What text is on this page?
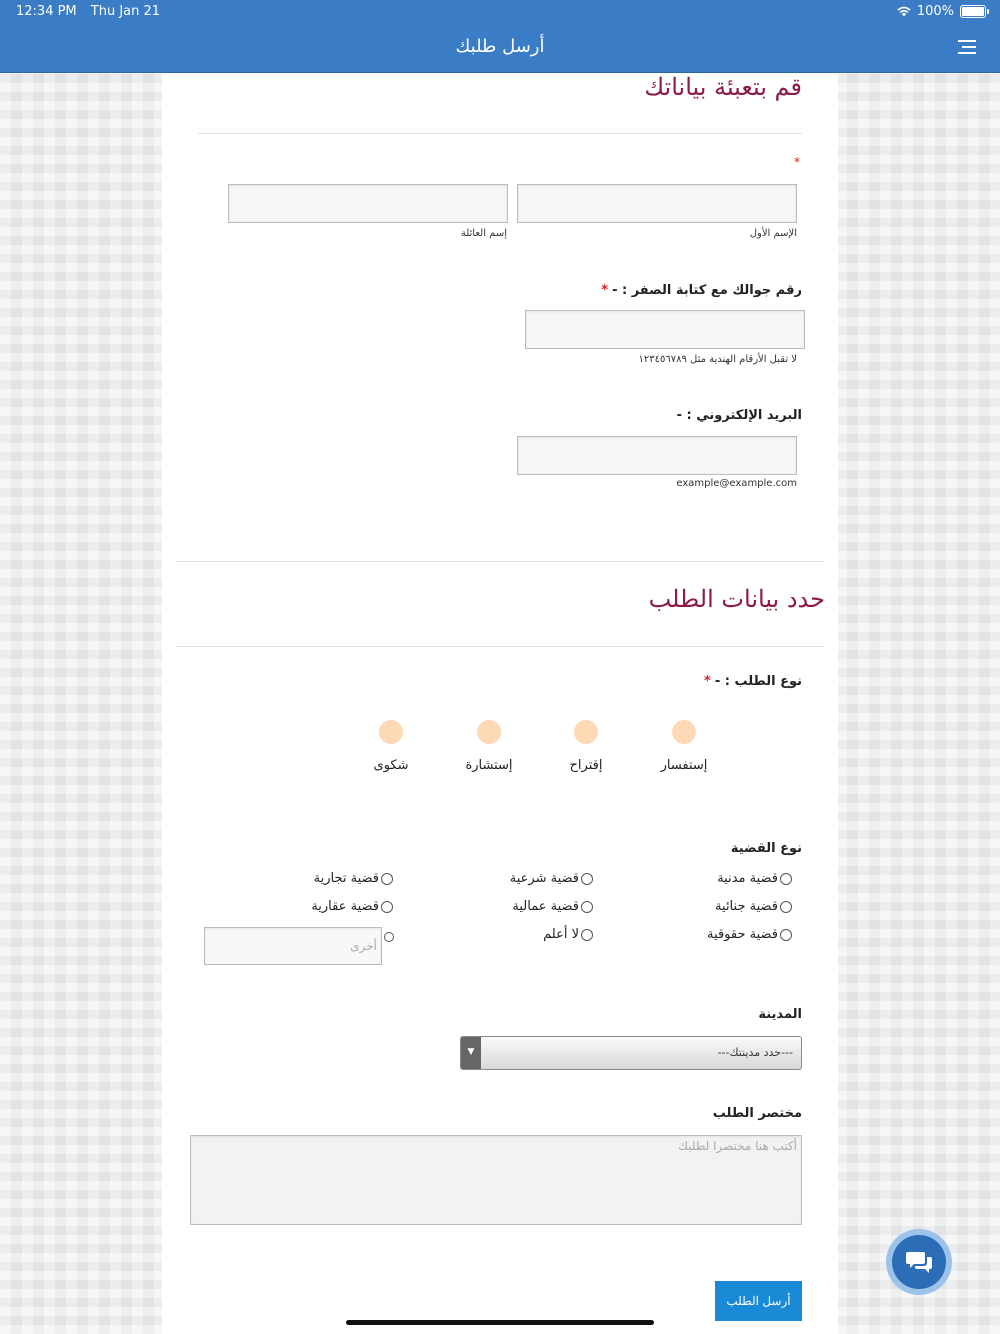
12:34 PM Thu Jan 21	100%
أرسل طلبك
قم بتعبئة بياناتك
*
الإسم الأول
إسم العائلة
رقم جوالك مع كتابة الصفر : -
*
لا تقبل الأرقام الهندية مثل ١٢٣٤٥٦٧٨٩
البريد الإلكتروني : -
example@example.com
حدد بيانات الطلب
نوع الطلب : -
*
إستفسار
إقتراح
إستشارة
شكوى
نوع القضية
قضية مدنية
قضية جنائية
قضية حقوقية
قضية شرعية
قضية عمالية
لا أعلم
قضية تجارية
قضية عقارية
أخرى
المدينة
▼	---حدد مدينتك---
مختصر الطلب
أكتب هنا مختصرا لطلبك
أرسل الطلب
